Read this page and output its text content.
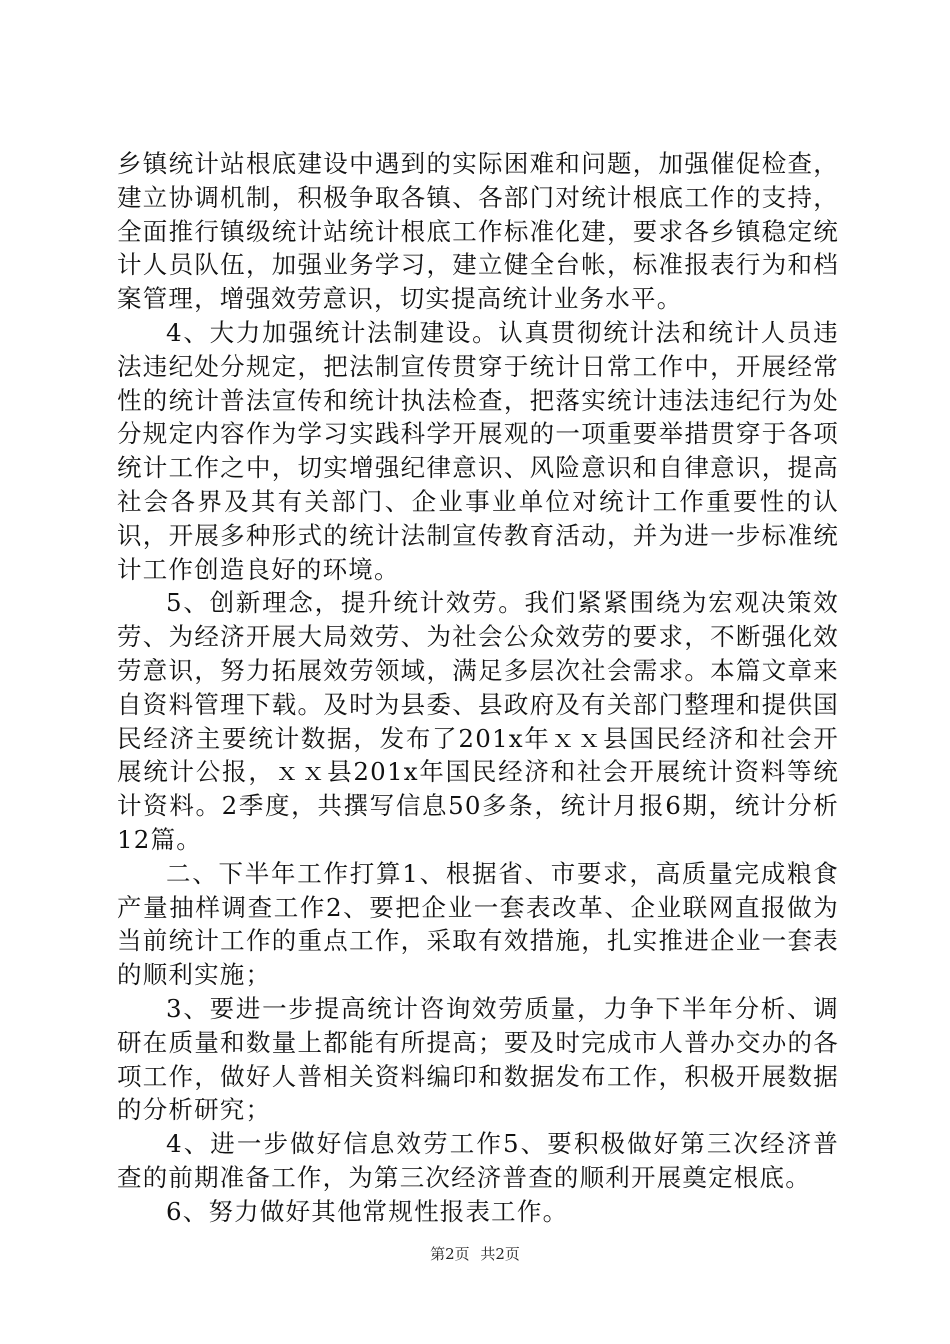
乡镇统计站根底建设中遇到的实际困难和问题，加强催促检查，建立协调机制，积极争取各镇、各部门对统计根底工作的支持，全面推行镇级统计站统计根底工作标准化建，要求各乡镇稳定统计人员队伍，加强业务学习，建立健全台帐，标准报表行为和档案管理，增强效劳意识，切实提高统计业务水平。

4、大力加强统计法制建设。认真贯彻统计法和统计人员违法违纪处分规定，把法制宣传贯穿于统计日常工作中，开展经常性的统计普法宣传和统计执法检查，把落实统计违法违纪行为处分规定内容作为学习实践科学开展观的一项重要举措贯穿于各项统计工作之中，切实增强纪律意识、风险意识和自律意识，提高社会各界及其有关部门、企业事业单位对统计工作重要性的认识，开展多种形式的统计法制宣传教育活动，并为进一步标准统计工作创造良好的环境。

5、创新理念，提升统计效劳。我们紧紧围绕为宏观决策效劳、为经济开展大局效劳、为社会公众效劳的要求，不断强化效劳意识，努力拓展效劳领域，满足多层次社会需求。本篇文章来自资料管理下载。及时为县委、县政府及有关部门整理和提供国民经济主要统计数据，发布了201x年ｘｘ县国民经济和社会开展统计公报，ｘｘ县201x年国民经济和社会开展统计资料等统计资料。2季度，共撰写信息50多条，统计月报6期，统计分析12篇。

二、下半年工作打算1、根据省、市要求，高质量完成粮食产量抽样调查工作2、要把企业一套表改革、企业联网直报做为当前统计工作的重点工作，采取有效措施，扎实推进企业一套表的顺利实施；

3、要进一步提高统计咨询效劳质量，力争下半年分析、调研在质量和数量上都能有所提高；要及时完成市人普办交办的各项工作，做好人普相关资料编印和数据发布工作，积极开展数据的分析研究；

4、进一步做好信息效劳工作5、要积极做好第三次经济普查的前期准备工作，为第三次经济普查的顺利开展奠定根底。

6、努力做好其他常规性报表工作。

第2页 共2页
